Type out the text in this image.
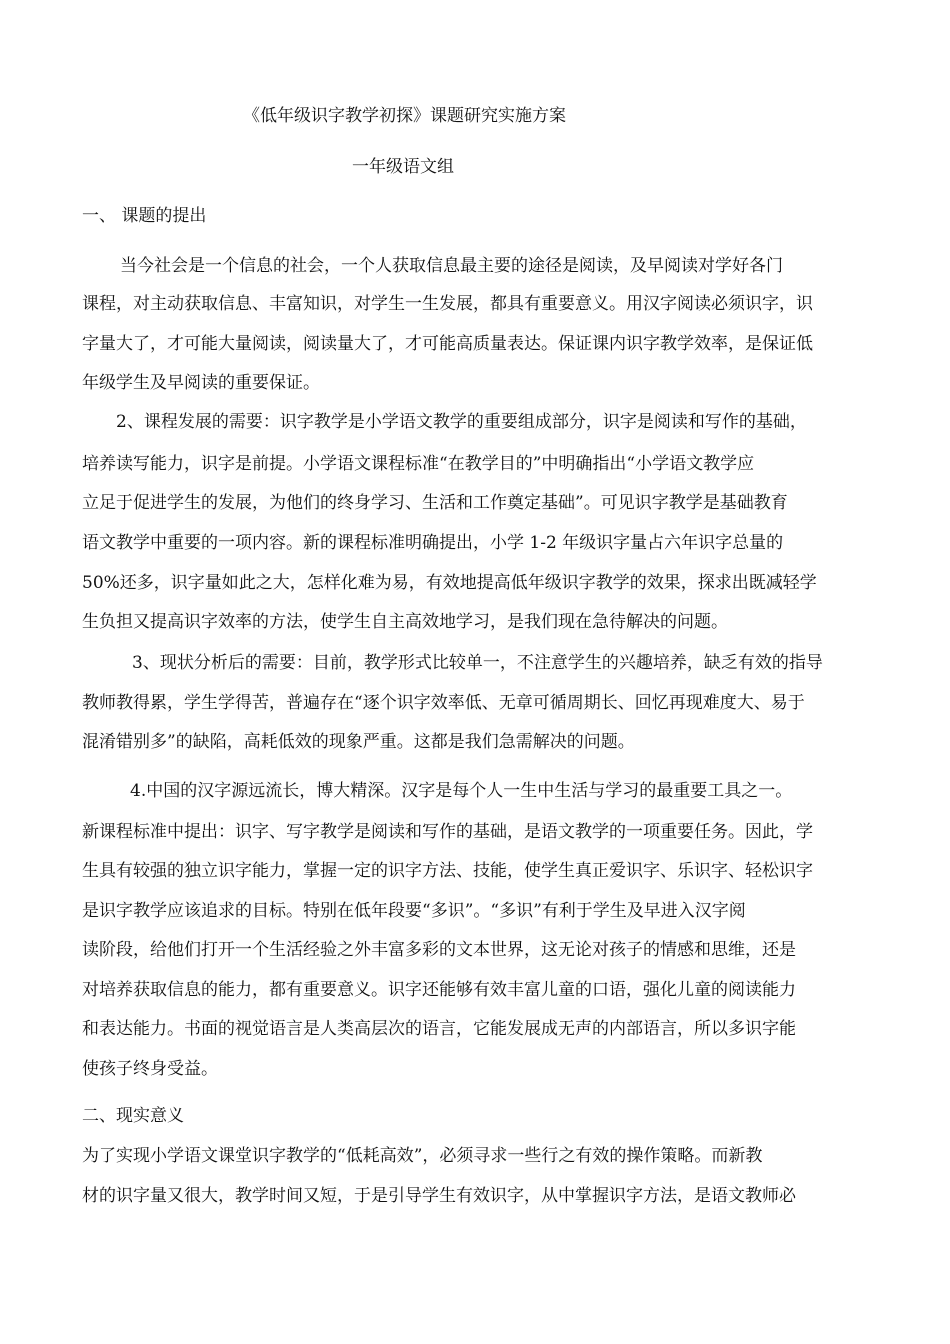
《低年级识字教学初探》课题研究实施方案
一年级语文组
一、 课题的提出
当今社会是一个信息的社会，一个人获取信息最主要的途径是阅读，及早阅读对学好各门
课程，对主动获取信息、丰富知识，对学生一生发展，都具有重要意义。用汉字阅读必须识字，识
字量大了，才可能大量阅读，阅读量大了，才可能高质量表达。保证课内识字教学效率，是保证低
年级学生及早阅读的重要保证。
2、课程发展的需要：识字教学是小学语文教学的重要组成部分，识字是阅读和写作的基础，
培养读写能力，识字是前提。小学语文课程标准“在教学目的”中明确指出“小学语文教学应
立足于促进学生的发展，为他们的终身学习、生活和工作奠定基础”。可见识字教学是基础教育
语文教学中重要的一项内容。新的课程标准明确提出，小学 1-2 年级识字量占六年识字总量的
50%还多，识字量如此之大，怎样化难为易，有效地提高低年级识字教学的效果，探求出既减轻学
生负担又提高识字效率的方法，使学生自主高效地学习，是我们现在急待解决的问题。
3、现状分析后的需要：目前，教学形式比较单一，不注意学生的兴趣培养，缺乏有效的指导
教师教得累，学生学得苦，普遍存在“逐个识字效率低、无章可循周期长、回忆再现难度大、易于
混淆错别多”的缺陷，高耗低效的现象严重。这都是我们急需解决的问题。
4.中国的汉字源远流长，博大精深。汉字是每个人一生中生活与学习的最重要工具之一。
新课程标准中提出：识字、写字教学是阅读和写作的基础，是语文教学的一项重要任务。因此，学
生具有较强的独立识字能力，掌握一定的识字方法、技能，使学生真正爱识字、乐识字、轻松识字
是识字教学应该追求的目标。特别在低年段要“多识”。“多识”有利于学生及早进入汉字阅
读阶段，给他们打开一个生活经验之外丰富多彩的文本世界，这无论对孩子的情感和思维，还是
对培养获取信息的能力，都有重要意义。识字还能够有效丰富儿童的口语，强化儿童的阅读能力
和表达能力。书面的视觉语言是人类高层次的语言，它能发展成无声的内部语言，所以多识字能
使孩子终身受益。
二、现实意义
为了实现小学语文课堂识字教学的“低耗高效”，必须寻求一些行之有效的操作策略。而新教
材的识字量又很大，教学时间又短，于是引导学生有效识字，从中掌握识字方法，是语文教师必
